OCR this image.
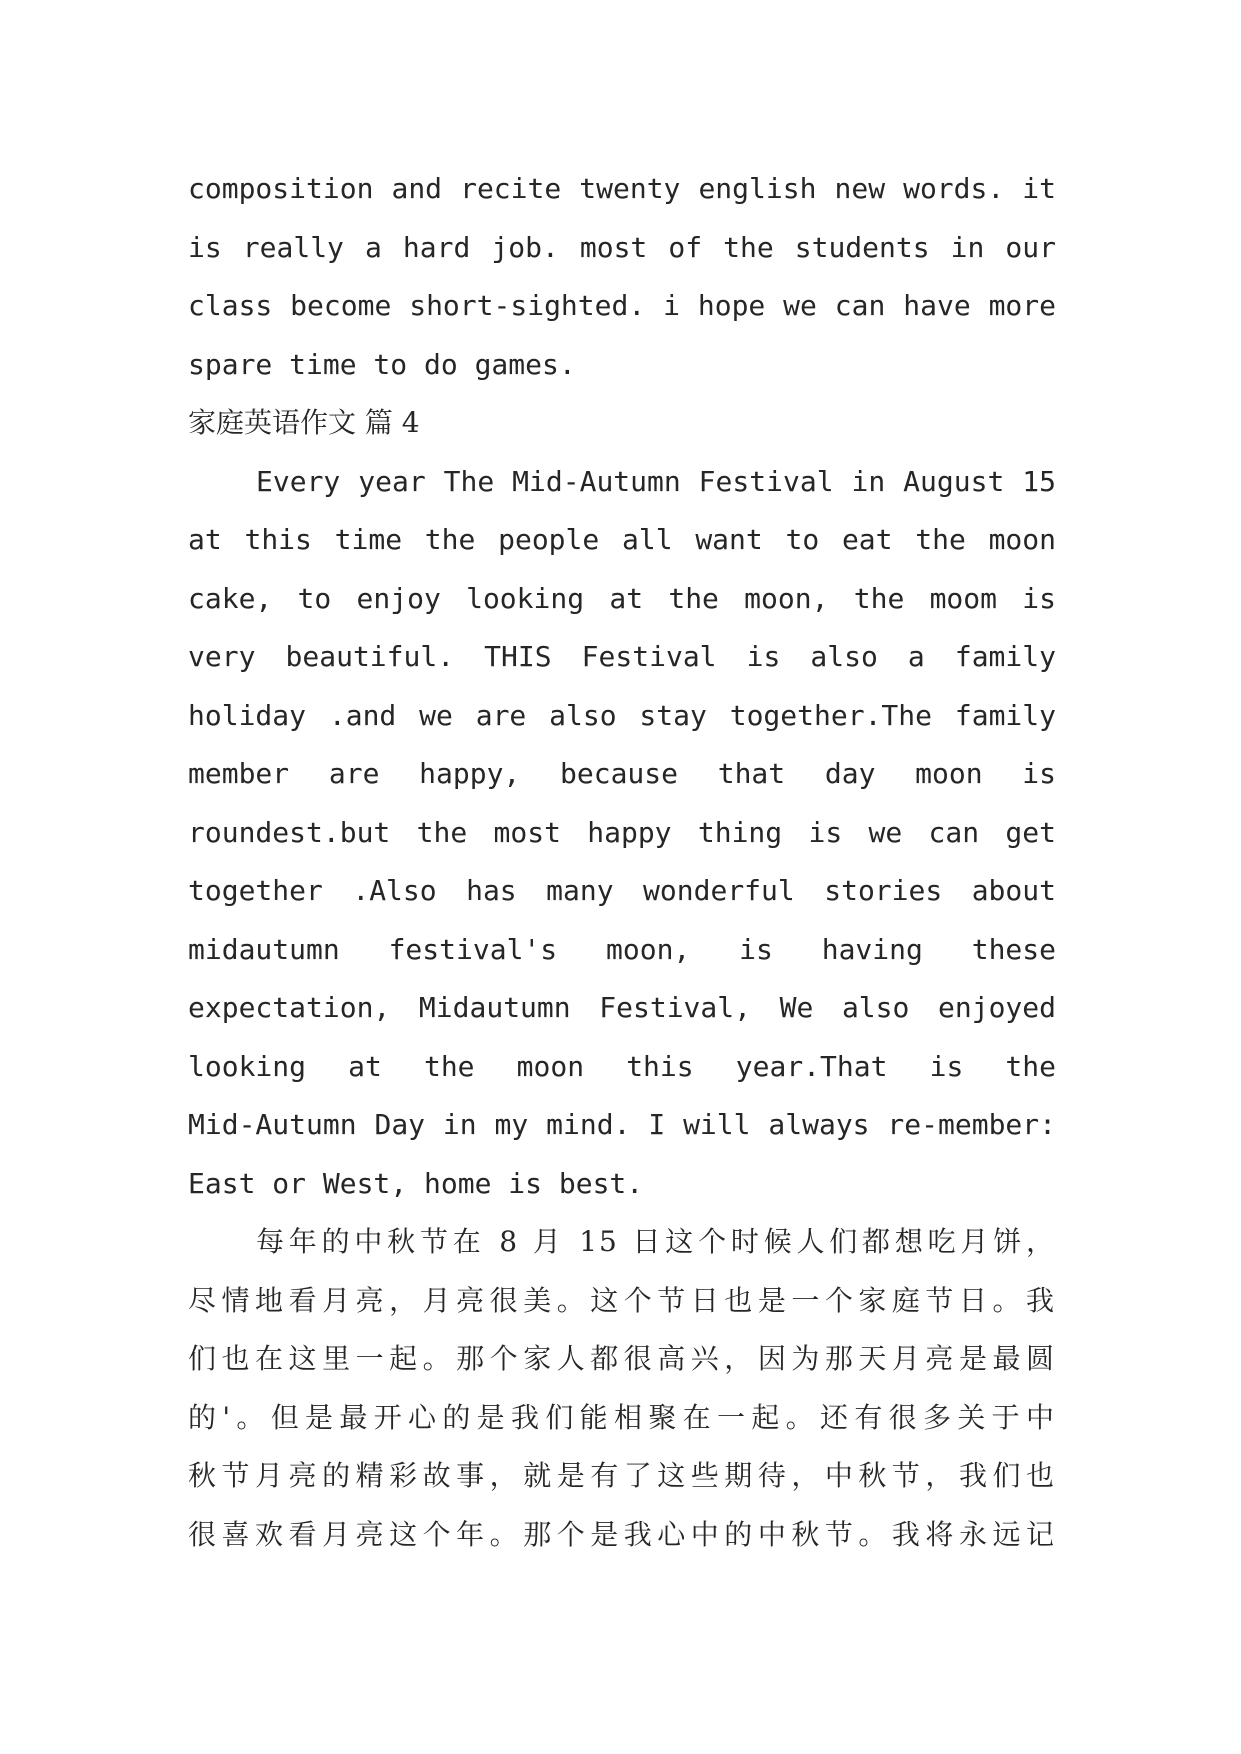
composition and recite twenty english new words. it
is really a hard job. most of the students in our
class become short-sighted. i hope we can have more
spare time to do games.
家庭英语作文 篇 4
Every year The Mid-Autumn Festival in August 15
at this time the people all want to eat the moon
cake, to enjoy looking at the moon, the moom is
very beautiful. THIS Festival is also a family
holiday .and we are also stay together.The family
member are happy, because that day moon is
roundest.but the most happy thing is we can get
together .Also has many wonderful stories about
midautumn festival's moon, is having these
expectation, Midautumn Festival, We also enjoyed
looking at the moon this year.That is the
Mid-Autumn Day in my mind. I will always re-member:
East or West, home is best.
每年的中秋节在 8 月 15 日这个时候人们都想吃月饼，
尽情地看月亮，月亮很美。这个节日也是一个家庭节日。我
们也在这里一起。那个家人都很高兴，因为那天月亮是最圆
的'。但是最开心的是我们能相聚在一起。还有很多关于中
秋节月亮的精彩故事，就是有了这些期待，中秋节，我们也
很喜欢看月亮这个年。那个是我心中的中秋节。我将永远记
